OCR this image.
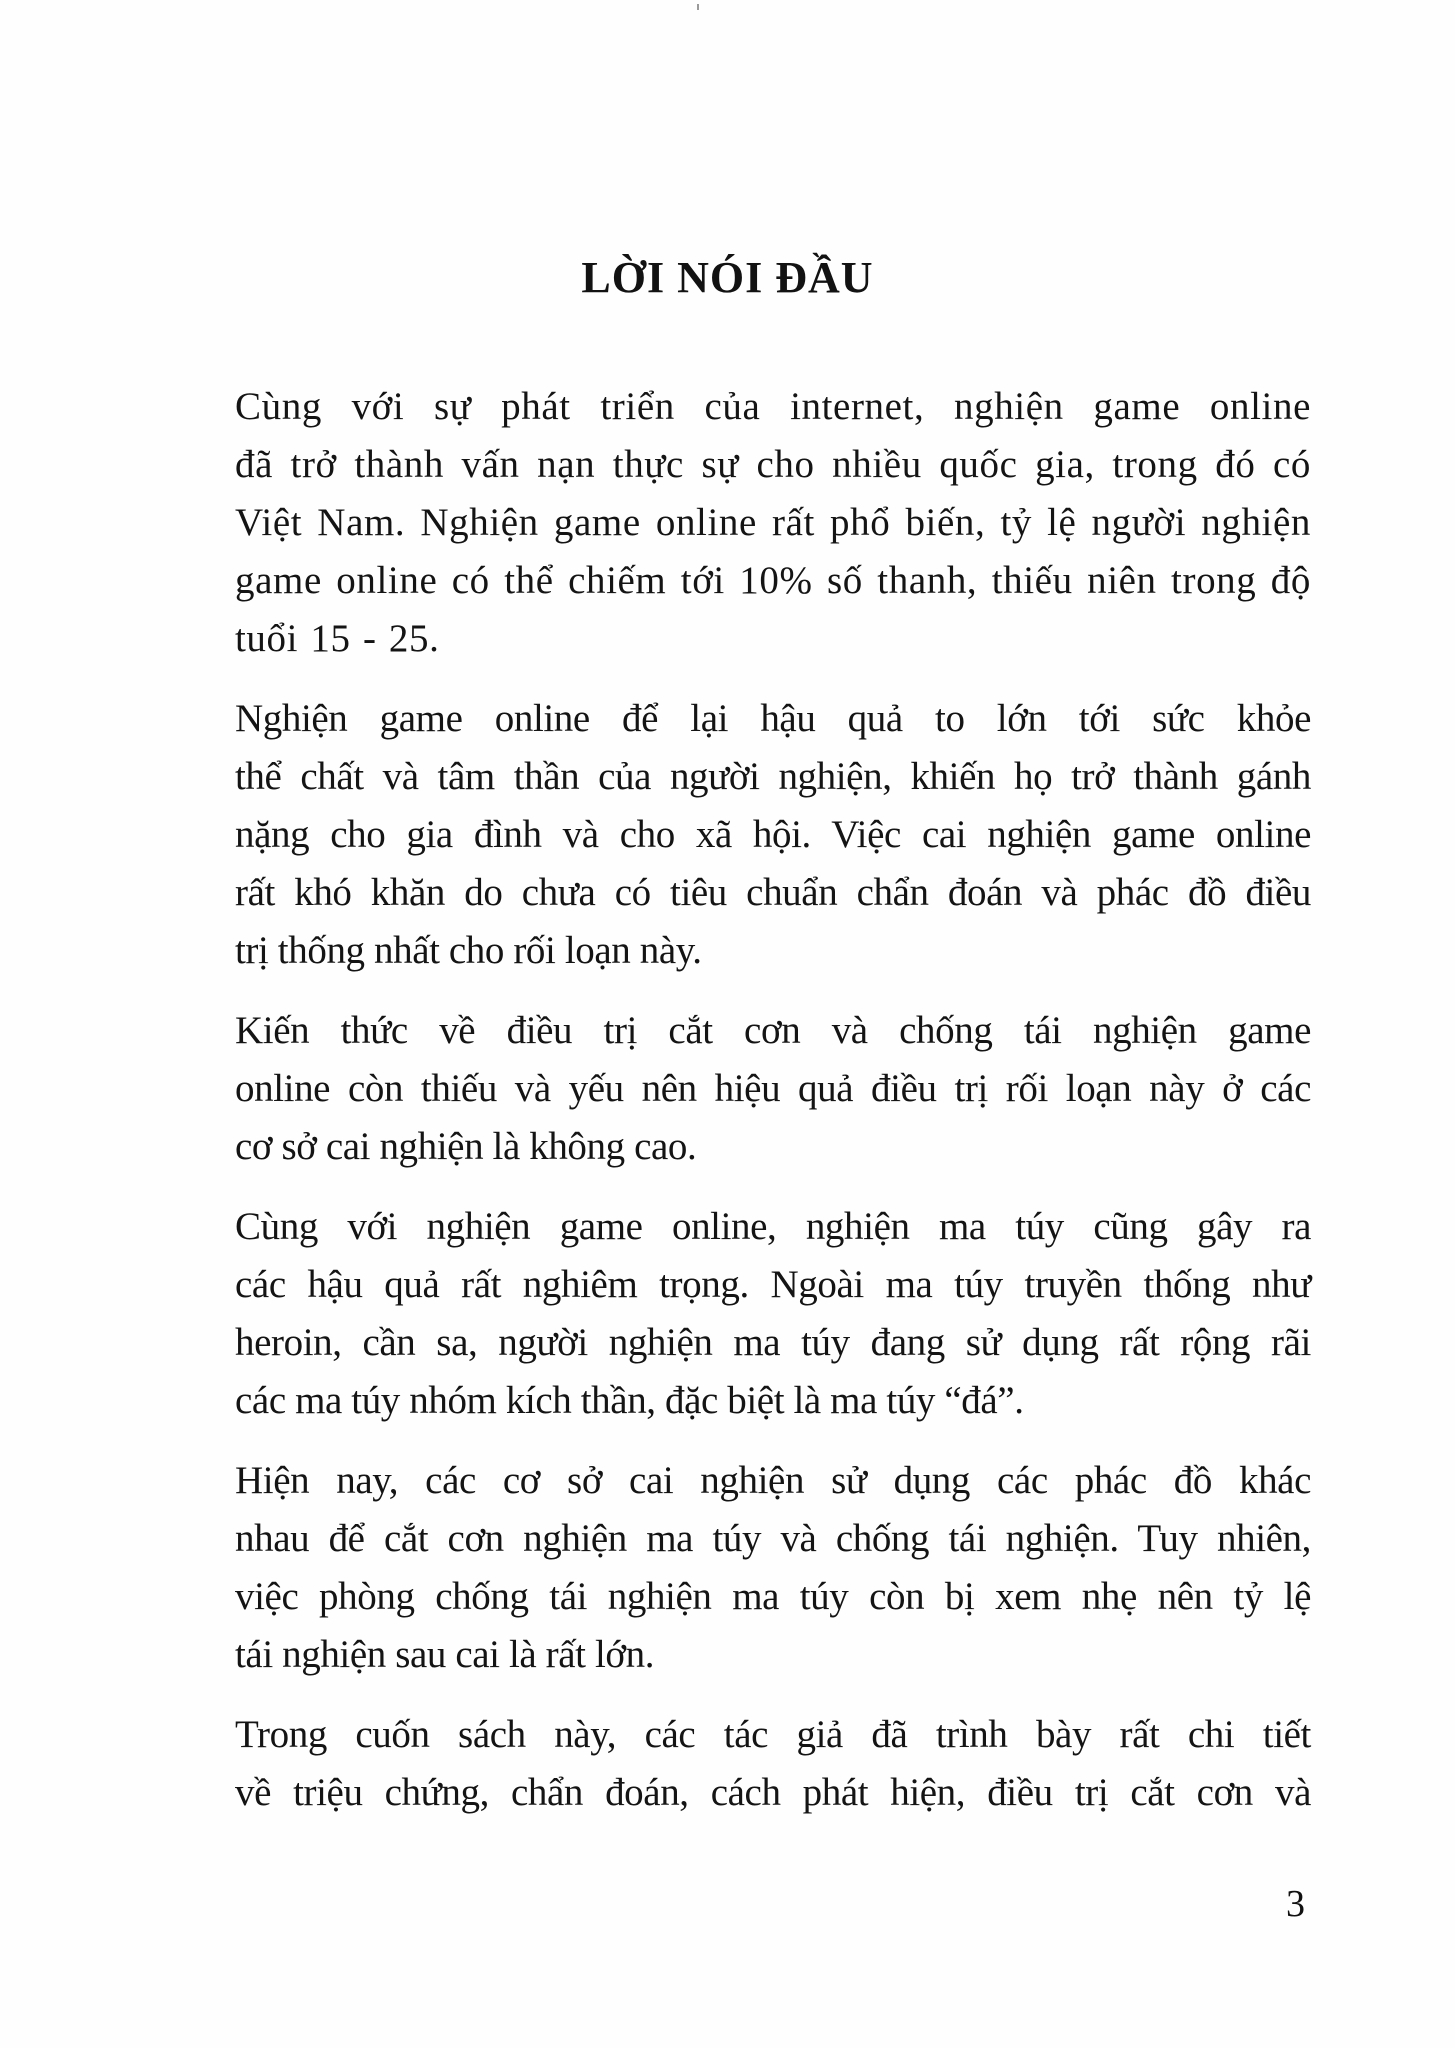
LỜI NÓI ĐẦU

Cùng với sự phát triển của internet, nghiện game online
đã trở thành vấn nạn thực sự cho nhiều quốc gia, trong đó có
Việt Nam. Nghiện game online rất phổ biến, tỷ lệ người nghiện
game online có thể chiếm tới 10% số thanh, thiếu niên trong độ
tuổi 15 - 25.

Nghiện game online để lại hậu quả to lớn tới sức khỏe
thể chất và tâm thần của người nghiện, khiến họ trở thành gánh
nặng cho gia đình và cho xã hội. Việc cai nghiện game online
rất khó khăn do chưa có tiêu chuẩn chẩn đoán và phác đồ điều
trị thống nhất cho rối loạn này.

Kiến thức về điều trị cắt cơn và chống tái nghiện game
online còn thiếu và yếu nên hiệu quả điều trị rối loạn này ở các
cơ sở cai nghiện là không cao.

Cùng với nghiện game online, nghiện ma túy cũng gây ra
các hậu quả rất nghiêm trọng. Ngoài ma túy truyền thống như
heroin, cần sa, người nghiện ma túy đang sử dụng rất rộng rãi
các ma túy nhóm kích thần, đặc biệt là ma túy “đá”.

Hiện nay, các cơ sở cai nghiện sử dụng các phác đồ khác
nhau để cắt cơn nghiện ma túy và chống tái nghiện. Tuy nhiên,
việc phòng chống tái nghiện ma túy còn bị xem nhẹ nên tỷ lệ
tái nghiện sau cai là rất lớn.

Trong cuốn sách này, các tác giả đã trình bày rất chi tiết
về triệu chứng, chẩn đoán, cách phát hiện, điều trị cắt cơn và

3
